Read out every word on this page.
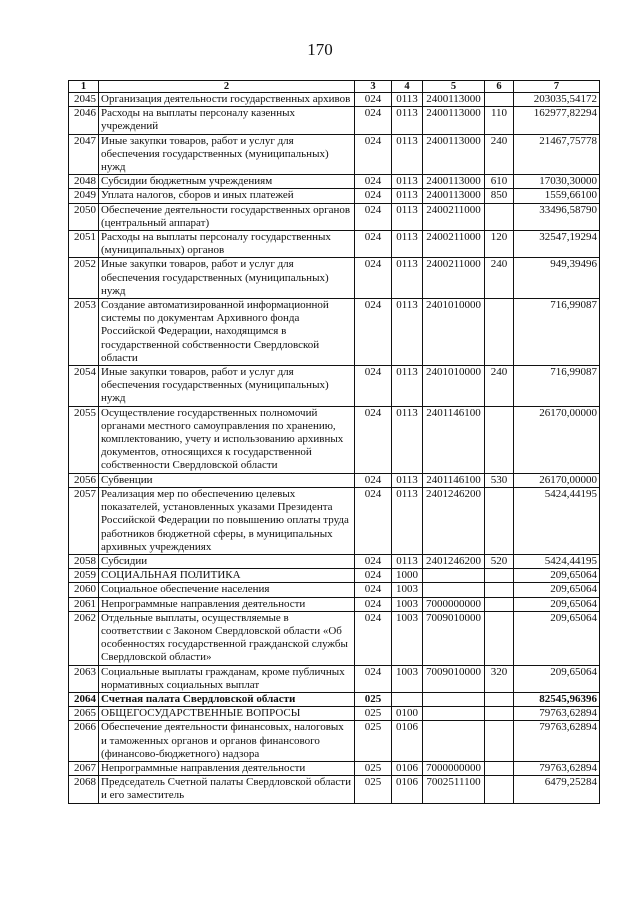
170
1	2	3	4	5	6	7
2045	Организация деятельности государственных архивов	024	0113	2400113000		203035,54172
2046	Расходы на выплаты персоналу казенных учреждений	024	0113	2400113000	110	162977,82294
2047	Иные закупки товаров, работ и услуг для обеспечения государственных (муниципальных) нужд	024	0113	2400113000	240	21467,75778
2048	Субсидии бюджетным учреждениям	024	0113	2400113000	610	17030,30000
2049	Уплата налогов, сборов и иных платежей	024	0113	2400113000	850	1559,66100
2050	Обеспечение деятельности государственных органов (центральный аппарат)	024	0113	2400211000		33496,58790
2051	Расходы на выплаты персоналу государственных (муниципальных) органов	024	0113	2400211000	120	32547,19294
2052	Иные закупки товаров, работ и услуг для обеспечения государственных (муниципальных) нужд	024	0113	2400211000	240	949,39496
2053	Создание автоматизированной информационной системы по документам Архивного фонда Российской Федерации, находящимся в государственной собственности Свердловской области	024	0113	2401010000		716,99087
2054	Иные закупки товаров, работ и услуг для обеспечения государственных (муниципальных) нужд	024	0113	2401010000	240	716,99087
2055	Осуществление государственных полномочий органами местного самоуправления по хранению, комплектованию, учету и использованию архивных документов, относящихся к государственной собственности Свердловской области	024	0113	2401146100		26170,00000
2056	Субвенции	024	0113	2401146100	530	26170,00000
2057	Реализация мер по обеспечению целевых показателей, установленных указами Президента Российской Федерации по повышению оплаты труда работников бюджетной сферы, в муниципальных архивных учреждениях	024	0113	2401246200		5424,44195
2058	Субсидии	024	0113	2401246200	520	5424,44195
2059	СОЦИАЛЬНАЯ ПОЛИТИКА	024	1000			209,65064
2060	Социальное обеспечение населения	024	1003			209,65064
2061	Непрограммные направления деятельности	024	1003	7000000000		209,65064
2062	Отдельные выплаты, осуществляемые в соответствии с Законом Свердловской области «Об особенностях государственной гражданской службы Свердловской области»	024	1003	7009010000		209,65064
2063	Социальные выплаты гражданам, кроме публичных нормативных социальных выплат	024	1003	7009010000	320	209,65064
2064	Счетная палата Свердловской области	025				82545,96396
2065	ОБЩЕГОСУДАРСТВЕННЫЕ ВОПРОСЫ	025	0100			79763,62894
2066	Обеспечение деятельности финансовых, налоговых и таможенных органов и органов финансового (финансово-бюджетного) надзора	025	0106			79763,62894
2067	Непрограммные направления деятельности	025	0106	7000000000		79763,62894
2068	Председатель Счетной палаты Свердловской области и его заместитель	025	0106	7002511100		6479,25284
